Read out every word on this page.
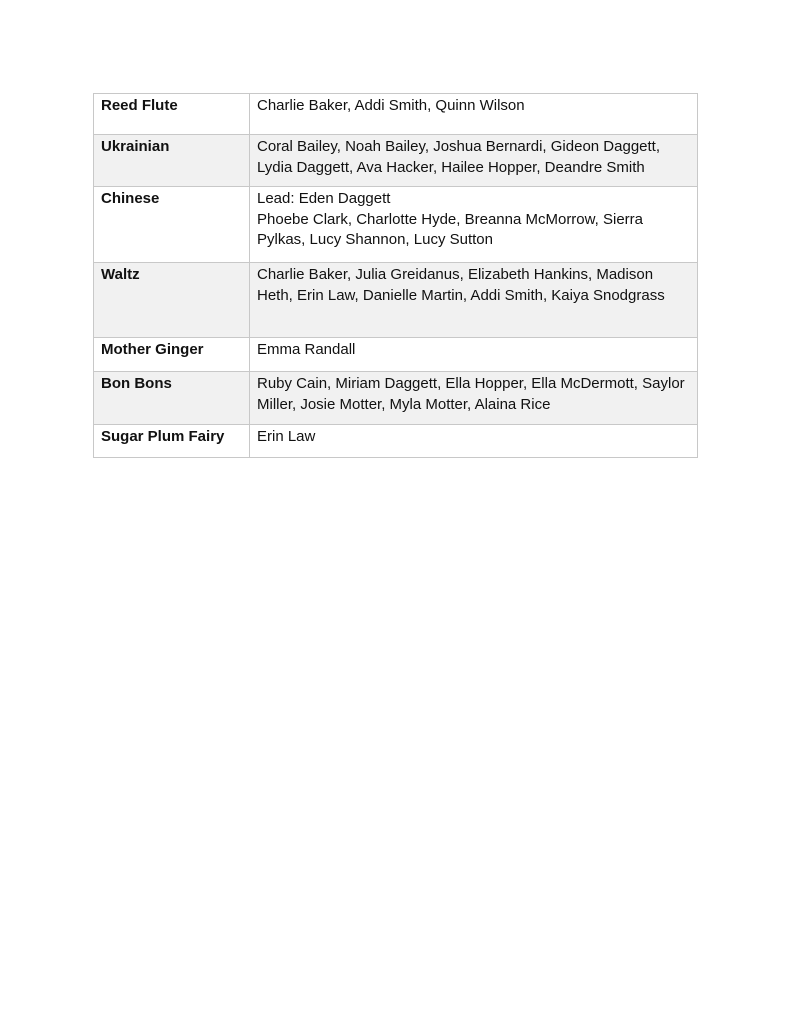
Reed Flute	Charlie Baker, Addi Smith, Quinn Wilson

Ukrainian	Coral Bailey, Noah Bailey, Joshua Bernardi, Gideon Daggett, Lydia Daggett, Ava Hacker, Hailee Hopper, Deandre Smith

Chinese	Lead: Eden Daggett
Phoebe Clark, Charlotte Hyde, Breanna McMorrow, Sierra Pylkas, Lucy Shannon, Lucy Sutton

Waltz	Charlie Baker, Julia Greidanus, Elizabeth Hankins, Madison Heth, Erin Law, Danielle Martin, Addi Smith, Kaiya Snodgrass

Mother Ginger	Emma Randall

Bon Bons	Ruby Cain, Miriam Daggett, Ella Hopper, Ella McDermott, Saylor Miller, Josie Motter, Myla Motter, Alaina Rice

Sugar Plum Fairy	Erin Law
